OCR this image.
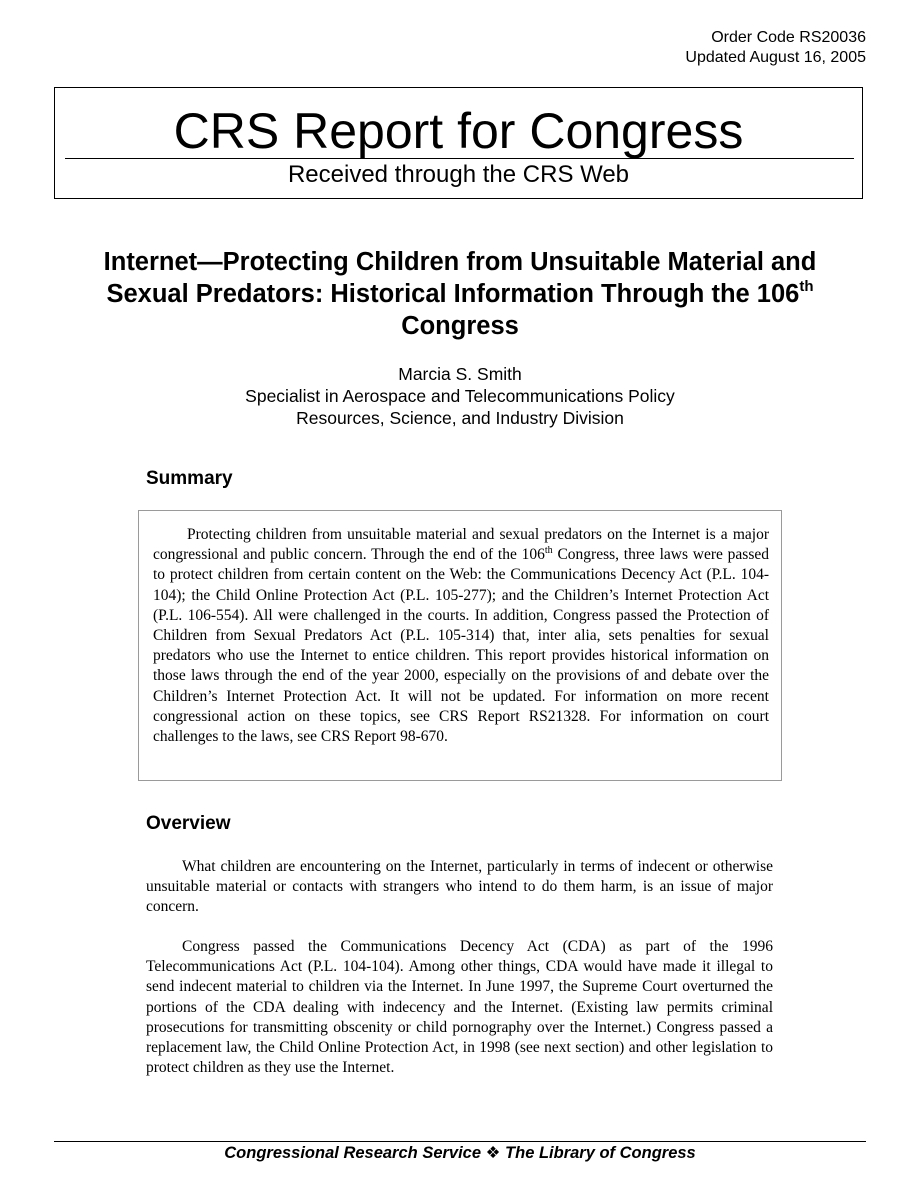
Order Code RS20036
Updated August 16, 2005
CRS Report for Congress
Received through the CRS Web
Internet—Protecting Children from Unsuitable Material and Sexual Predators: Historical Information Through the 106th Congress
Marcia S. Smith
Specialist in Aerospace and Telecommunications Policy
Resources, Science, and Industry Division
Summary

Protecting children from unsuitable material and sexual predators on the Internet is a major congressional and public concern. Through the end of the 106th Congress, three laws were passed to protect children from certain content on the Web: the Communications Decency Act (P.L. 104-104); the Child Online Protection Act (P.L. 105-277); and the Children’s Internet Protection Act (P.L. 106-554). All were challenged in the courts. In addition, Congress passed the Protection of Children from Sexual Predators Act (P.L. 105-314) that, inter alia, sets penalties for sexual predators who use the Internet to entice children. This report provides historical information on those laws through the end of the year 2000, especially on the provisions of and debate over the Children’s Internet Protection Act. It will not be updated. For information on more recent congressional action on these topics, see CRS Report RS21328. For information on court challenges to the laws, see CRS Report 98-670.

Overview

What children are encountering on the Internet, particularly in terms of indecent or otherwise unsuitable material or contacts with strangers who intend to do them harm, is an issue of major concern.

Congress passed the Communications Decency Act (CDA) as part of the 1996 Telecommunications Act (P.L. 104-104). Among other things, CDA would have made it illegal to send indecent material to children via the Internet. In June 1997, the Supreme Court overturned the portions of the CDA dealing with indecency and the Internet. (Existing law permits criminal prosecutions for transmitting obscenity or child pornography over the Internet.) Congress passed a replacement law, the Child Online Protection Act, in 1998 (see next section) and other legislation to protect children as they use the Internet.

Congressional Research Service ❖ The Library of Congress
